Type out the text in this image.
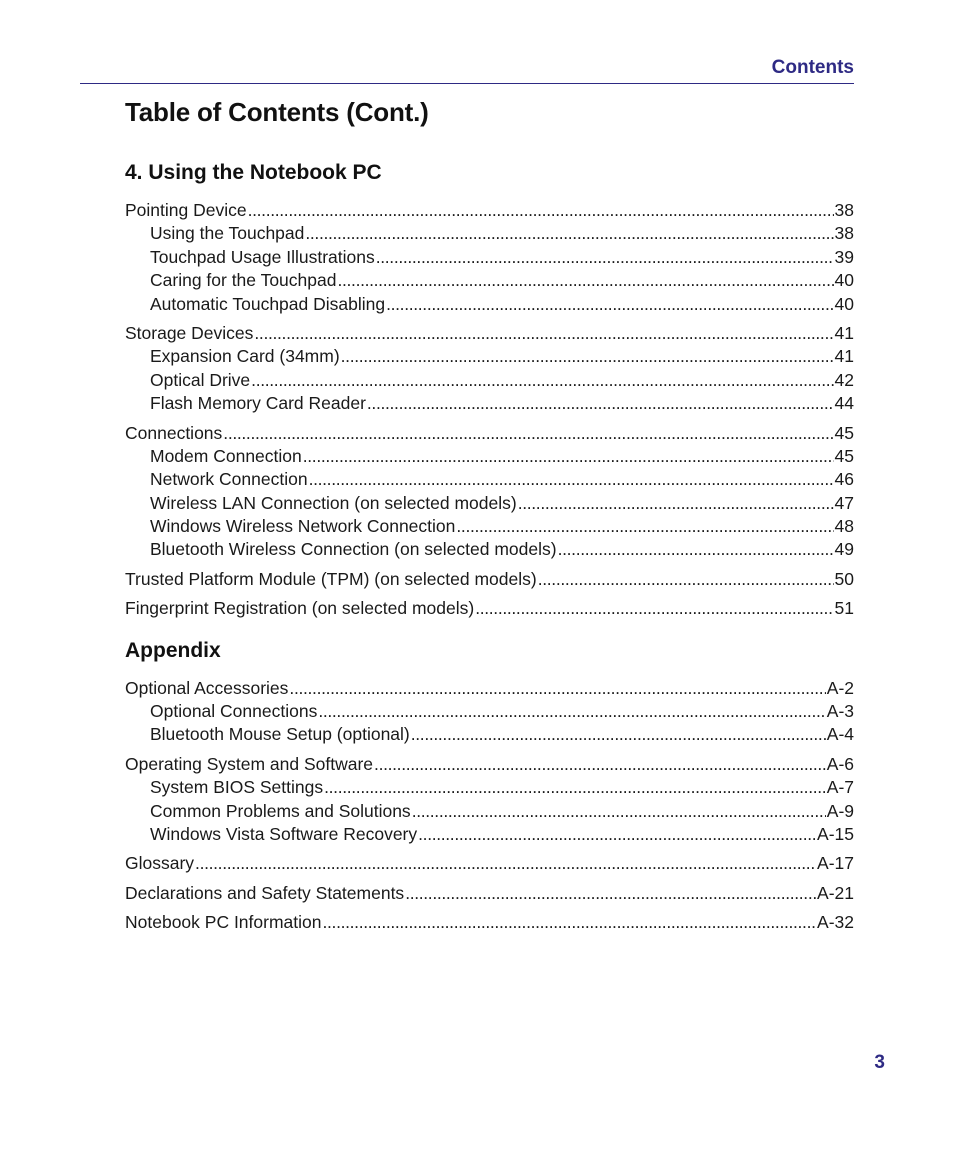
Contents
Table of Contents (Cont.)
4. Using the Notebook PC
Pointing Device . . .	38
Using the Touchpad . . .	38
Touchpad Usage Illustrations . . .	39
Caring for the Touchpad . . .	40
Automatic Touchpad Disabling . . .	40
Storage Devices . . .	41
Expansion Card (34mm) . . .	41
Optical Drive . . .	42
Flash Memory Card Reader . . .	44
Connections . . .	45
Modem Connection . . .	45
Network Connection . . .	46
Wireless LAN Connection (on selected models) . . .	47
Windows Wireless Network Connection . . .	48
Bluetooth Wireless Connection (on selected models) . . .	49
Trusted Platform Module (TPM) (on selected models) . . .	50
Fingerprint Registration (on selected models) . . .	51
Appendix
Optional Accessories . . .	A-2
Optional Connections . . .	A-3
Bluetooth Mouse Setup (optional) . . .	A-4
Operating System and Software . . .	A-6
System BIOS Settings . . .	A-7
Common Problems and Solutions . . .	A-9
Windows Vista Software Recovery . . .	A-15
Glossary . . .	A-17
Declarations and Safety Statements . . .	A-21
Notebook PC Information . . .	A-32
3
